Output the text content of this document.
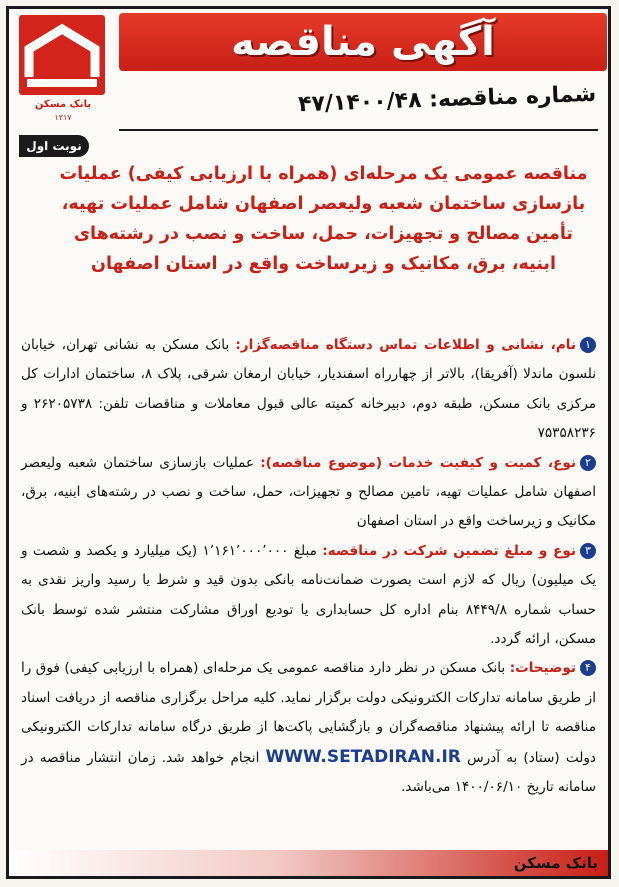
بانک مسکن
۱۳۱۷
آگهی مناقصه
شماره مناقصه: ۴۷/۱۴۰۰/۴۸
نوبت اول
مناقصه عمومی یک مرحله‌ای (همراه با ارزیابی کیفی) عملیات بازسازی ساختمان شعبه ولیعصر اصفهان شامل عملیات تهیه، تأمین مصالح و تجهیزات، حمل، ساخت و نصب در رشته‌های ابنیه، برق، مکانیک و زیرساخت واقع در استان اصفهان

۱نام، نشانی و اطلاعات تماس دستگاه مناقصه‌گزار: بانک مسکن به نشانی تهران، خیابان نلسون ماندلا (آفریقا)، بالاتر از چهارراه اسفندیار، خیابان ارمغان شرقی، پلاک ۸، ساختمان ادارات کل مرکزی بانک مسکن، طبقه دوم، دبیرخانه کمیته عالی قبول معاملات و مناقصات تلفن: ۲۶۲۰۵۷۳۸ و ۷۵۳۵۸۲۳۶

۲نوع، کمیت و کیفیت خدمات (موضوع مناقصه): عملیات بازسازی ساختمان شعبه ولیعصر اصفهان شامل عملیات تهیه، تامین مصالح و تجهیزات، حمل، ساخت و نصب در رشته‌های ابنیه، برق، مکانیک و زیرساخت واقع در استان اصفهان

۳نوع و مبلغ تضمین شرکت در مناقصه: مبلغ ۱٬۱۶۱٬۰۰۰٬۰۰۰ (یک میلیارد و یکصد و شصت و یک میلیون) ریال که لازم است بصورت ضمانت‌نامه بانکی بدون قید و شرط یا رسید واریز نقدی به حساب شماره ۸۴۴۹/۸ بنام اداره کل حسابداری یا تودیع اوراق مشارکت منتشر شده توسط بانک مسکن، ارائه گردد.

۴توضیحات: بانک مسکن در نظر دارد مناقصه عمومی یک مرحله‌ای (همراه با ارزیابی کیفی) فوق را از طریق سامانه تدارکات الکترونیکی دولت برگزار نماید. کلیه مراحل برگزاری مناقصه از دریافت اسناد مناقصه تا ارائه پیشنهاد مناقصه‌گران و بازگشایی پاکت‌ها از طریق درگاه سامانه تدارکات الکترونیکی دولت (ستاد) به آدرس WWW.SETADIRAN.IR انجام خواهد شد. زمان انتشار مناقصه در سامانه تاریخ ۱۴۰۰/۰۶/۱۰ می‌باشد.

بانک مسکن
